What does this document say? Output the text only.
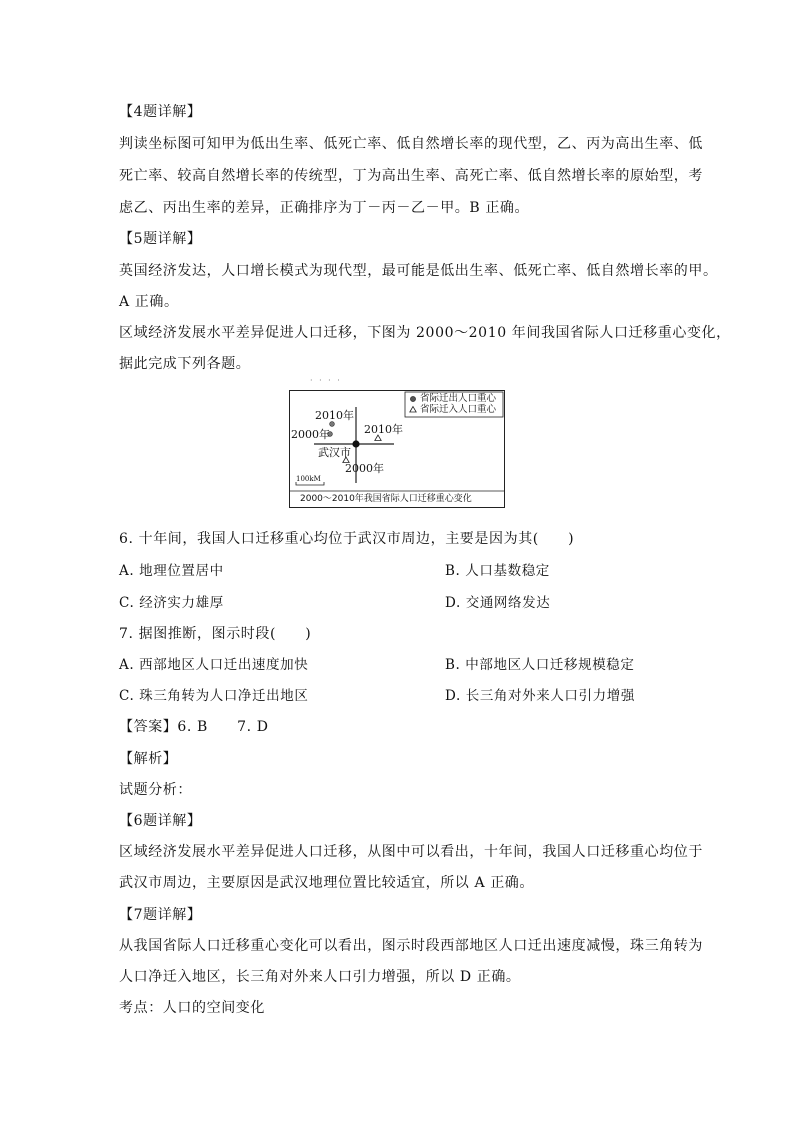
【4题详解】
判读坐标图可知甲为低出生率、低死亡率、低自然增长率的现代型，乙、丙为高出生率、低
死亡率、较高自然增长率的传统型，丁为高出生率、高死亡率、低自然增长率的原始型，考
虑乙、丙出生率的差异，正确排序为丁－丙－乙－甲。B 正确。
【5题详解】
英国经济发达，人口增长模式为现代型，最可能是低出生率、低死亡率、低自然增长率的甲。
A 正确。
区域经济发展水平差异促进人口迁移，下图为 2000～2010 年间我国省际人口迁移重心变化，
据此完成下列各题。
· · · ·
省际迁出人口重心
省际迁入人口重心
2010年
2000年	2010年
武汉市
2000年
100kM
2000～2010年我国省际人口迁移重心变化
6. 十年间，我国人口迁移重心均位于武汉市周边，主要是因为其(　　)
A. 地理位置居中	B. 人口基数稳定
C. 经济实力雄厚	D. 交通网络发达
7. 据图推断，图示时段(　　)
A. 西部地区人口迁出速度加快	B. 中部地区人口迁移规模稳定
C. 珠三角转为人口净迁出地区	D. 长三角对外来人口引力增强
【答案】6. B　　7. D
【解析】
试题分析：
【6题详解】
区域经济发展水平差异促进人口迁移，从图中可以看出，十年间，我国人口迁移重心均位于
武汉市周边，主要原因是武汉地理位置比较适宜，所以 A 正确。
【7题详解】
从我国省际人口迁移重心变化可以看出，图示时段西部地区人口迁出速度减慢，珠三角转为
人口净迁入地区，长三角对外来人口引力增强，所以 D 正确。
考点：人口的空间变化
